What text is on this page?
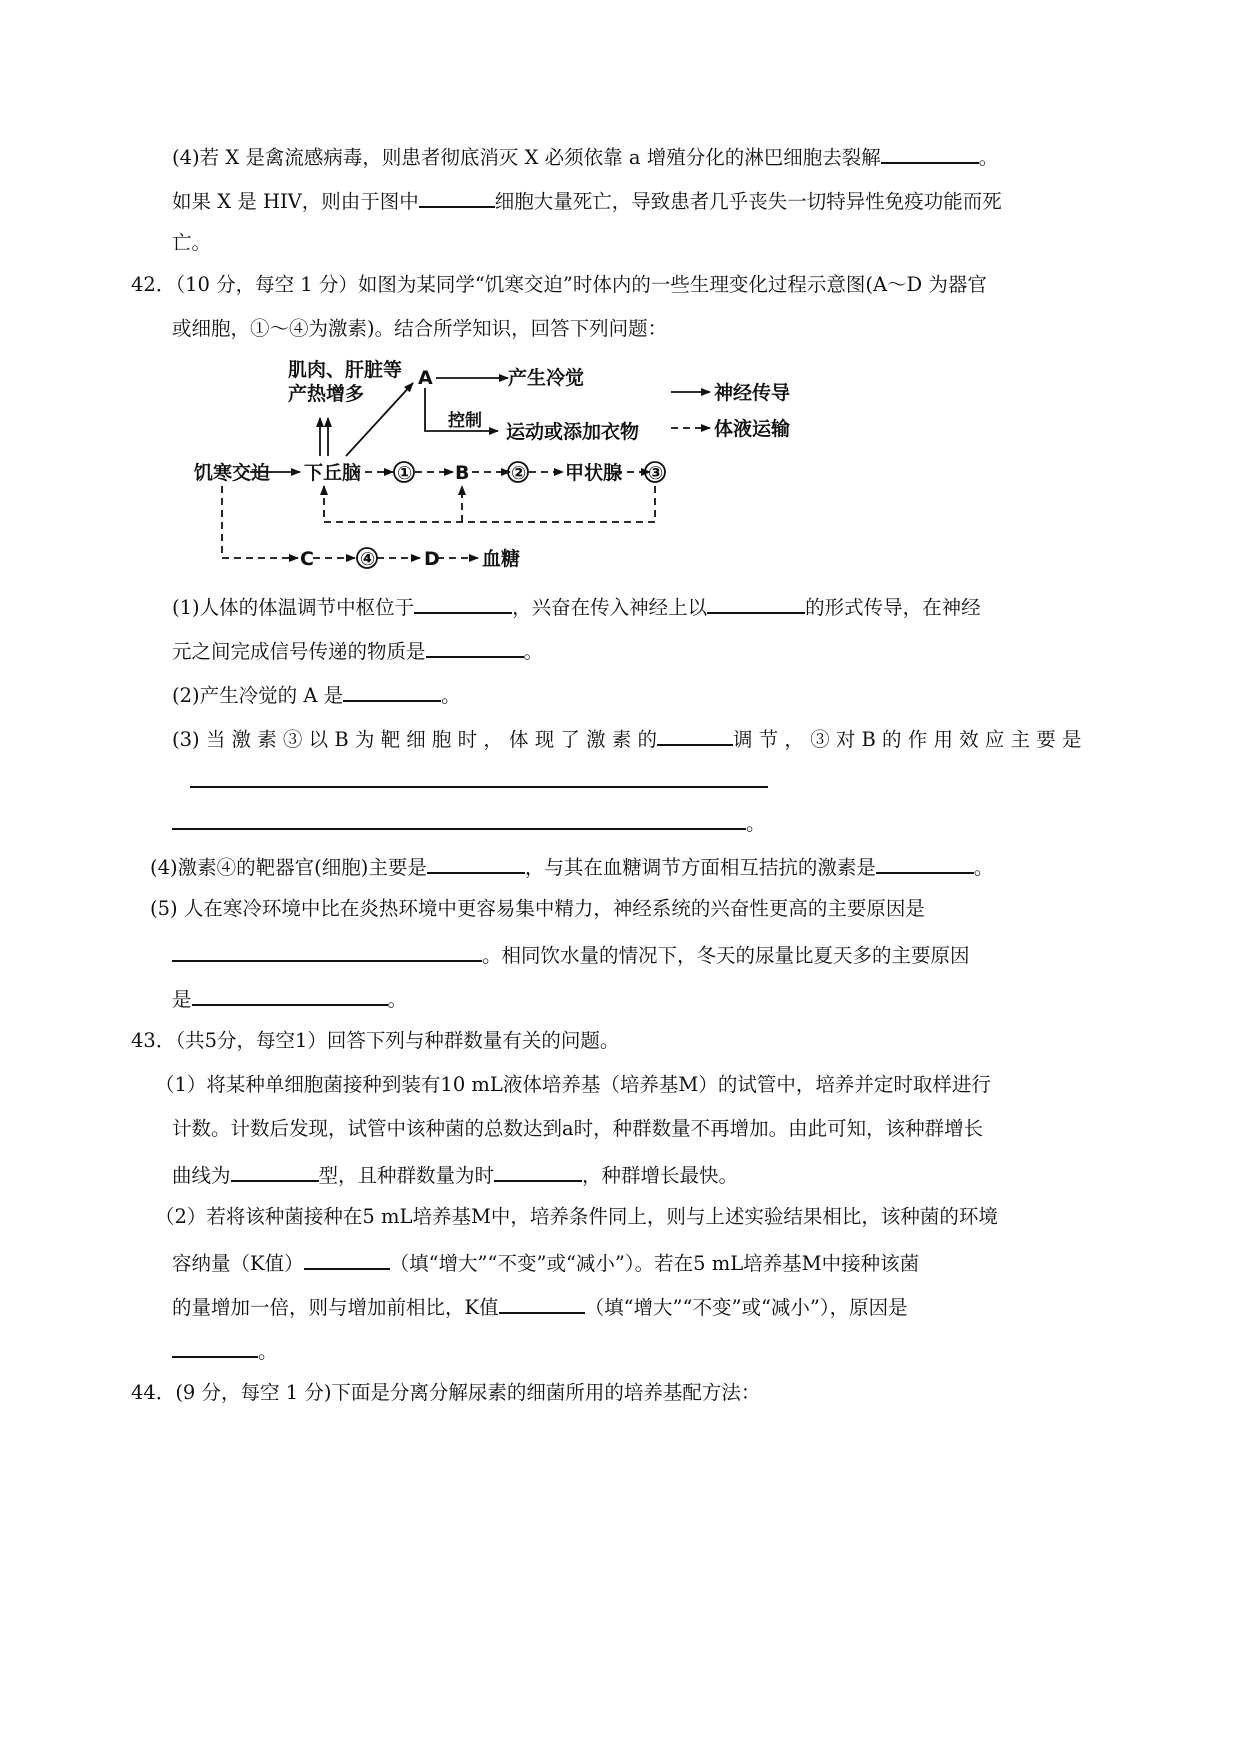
(4)若 X 是禽流感病毒，则患者彻底消灭 X 必须依靠 a 增殖分化的淋巴细胞去裂解	。
如果 X 是 HIV，则由于图中	细胞大量死亡，导致患者几乎丧失一切特异性免疫功能而死
亡。
42．（10 分，每空 1 分）如图为某同学“饥寒交迫”时体内的一些生理变化过程示意图(A～D 为器官
或细胞，①～④为激素)。结合所学知识，回答下列问题：
肌肉、肝脏等
产热增多
A	产生冷觉
控制 运动或添加衣物
饥寒交迫 下丘脑 ① B ② 甲状腺 ③
C	④	D 血糖
神经传导
体液运输
(1)人体的体温调节中枢位于	，兴奋在传入神经上以	的形式传导，在神经
元之间完成信号传递的物质是	。
(2)产生冷觉的 A 是	。
(3) 当 激 素 ③ 以 B 为 靶 细 胞 时 ， 体 现 了 激 素 的	调 节 ， ③ 对 B 的 作 用 效 应 主 要 是
。
(4)激素④的靶器官(细胞)主要是	，与其在血糖调节方面相互拮抗的激素是	。
(5) 人在寒冷环境中比在炎热环境中更容易集中精力，神经系统的兴奋性更高的主要原因是
。相同饮水量的情况下，冬天的尿量比夏天多的主要原因
是	。
43．（共5分，每空1）回答下列与种群数量有关的问题。
（1）将某种单细胞菌接种到装有10 mL液体培养基（培养基M）的试管中，培养并定时取样进行
计数。计数后发现，试管中该种菌的总数达到a时，种群数量不再增加。由此可知，该种群增长
曲线为	型，且种群数量为时	，种群增长最快。
（2）若将该种菌接种在5 mL培养基M中，培养条件同上，则与上述实验结果相比，该种菌的环境
容纳量（K值）	（填“增大”“不变”或“减小”）。若在5 mL培养基M中接种该菌
的量增加一倍，则与增加前相比，K值	（填“增大”“不变”或“减小”），原因是
。
44．(9 分，每空 1 分)下面是分离分解尿素的细菌所用的培养基配方法：
